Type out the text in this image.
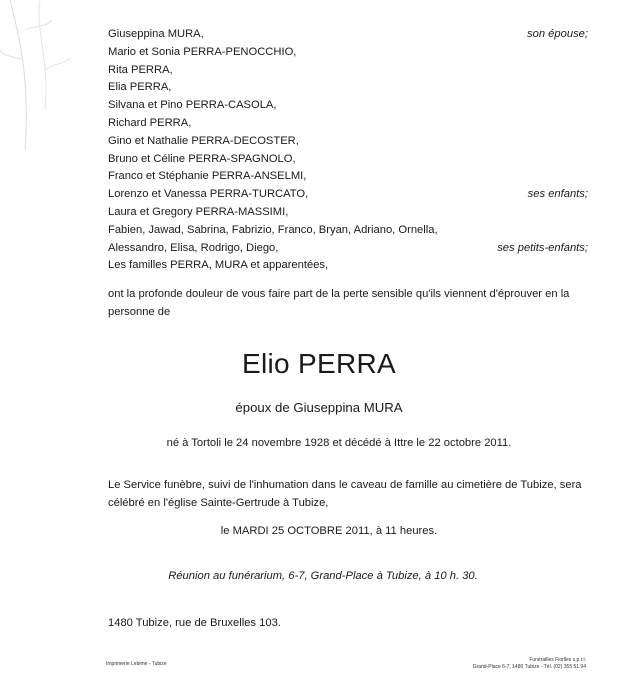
Giuseppina MURA,	son épouse;
Mario et Sonia PERRA-PENOCCHIO,
Rita PERRA,
Elia PERRA,
Silvana et Pino PERRA-CASOLA,
Richard PERRA,
Gino et Nathalie PERRA-DECOSTER,
Bruno et Céline PERRA-SPAGNOLO,
Franco et Stéphanie PERRA-ANSELMI,
Lorenzo et Vanessa PERRA-TURCATO,	ses enfants;
Laura et Gregory PERRA-MASSIMI,
Fabien, Jawad, Sabrina, Fabrizio, Franco, Bryan, Adriano, Ornella,
Alessandro, Elisa, Rodrigo, Diego,	ses petits-enfants;
Les familles PERRA, MURA et apparentées,
ont la profonde douleur de vous faire part de la perte sensible qu'ils viennent d'éprouver en la personne de
Elio PERRA
époux de Giuseppina MURA
né à Tortoli le 24 novembre 1928 et décédé à Ittre le 22 octobre 2011.
Le Service funèbre, suivi de l'inhumation dans le caveau de famille au cimetière de Tubize, sera célébré en l'église Sainte-Gertrude à Tubize,
le MARDI 25 OCTOBRE 2011, à 11 heures.
Réunion au funérarium, 6-7, Grand-Place à Tubize, à 10 h. 30.
1480 Tubize, rue de Bruxelles 103.
Imprimerie Lebime - Tubize
Funérailles Fiorlles s.p.r.l.
Grand-Place 6-7, 1480 Tubize - Tél. (02) 355 51 94
